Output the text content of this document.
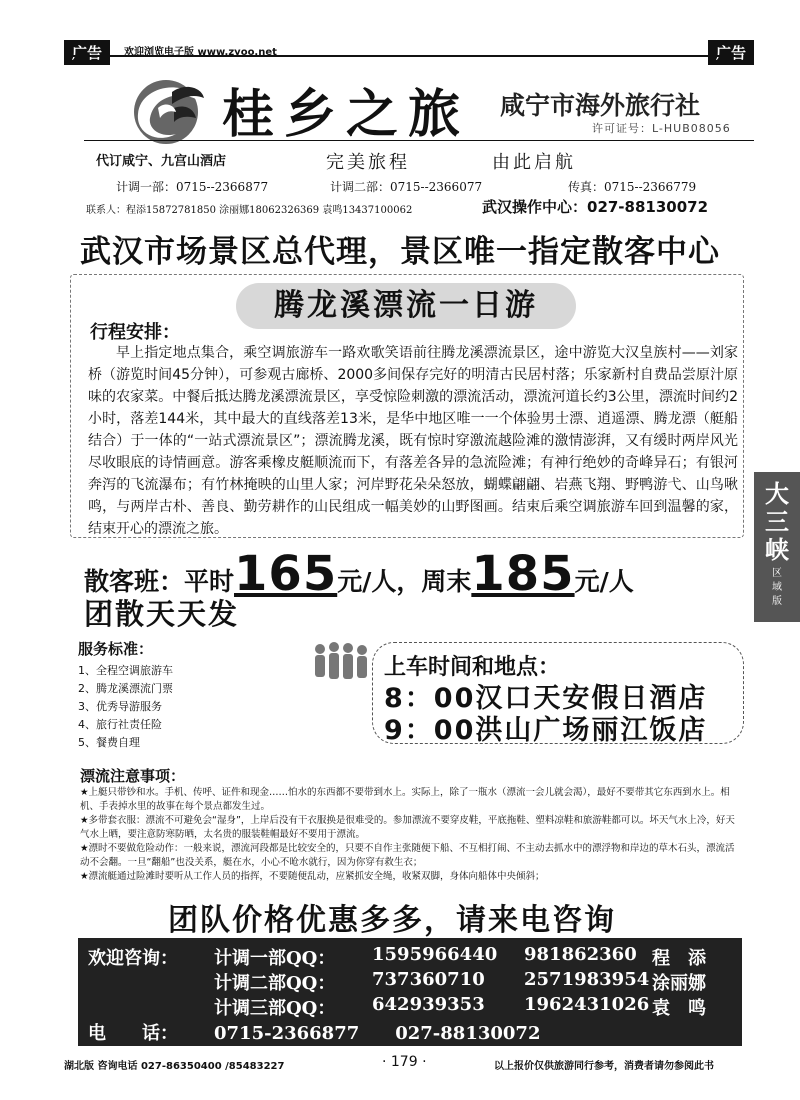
广告	欢迎浏览电子版 www.zyoo.net	广告
桂乡之旅 咸宁市海外旅行社
许可证号：L-HUB08056
代订咸宁、九宫山酒店	完美旅程	由此启航
计调一部：0715--2366877	计调二部：0715--2366077	传真：0715--2366779
联系人：程添15872781850 涂丽娜18062326369 袁鸣13437100062	武汉操作中心：027-88130072
武汉市场景区总代理，景区唯一指定散客中心
腾龙溪漂流一日游
行程安排：
早上指定地点集合，乘空调旅游车一路欢歌笑语前往腾龙溪漂流景区，途中游览大汉皇族村——刘家桥（游览时间45分钟），可参观古廊桥、2000多间保存完好的明清古民居村落；乐家新村自费品尝原汁原味的农家菜。中餐后抵达腾龙溪漂流景区，享受惊险刺激的漂流活动，漂流河道长约3公里，漂流时间约2小时，落差144米，其中最大的直线落差13米，是华中地区唯一一个体验男士漂、逍遥漂、腾龙漂（艇船结合）于一体的“一站式漂流景区”；漂流腾龙溪，既有惊时穿激流越险滩的激情澎湃，又有缓时两岸风光尽收眼底的诗情画意。游客乘橡皮艇顺流而下，有落差各异的急流险滩；有神行绝妙的奇峰异石；有银河奔泻的飞流瀑布；有竹林掩映的山里人家；河岸野花朵朵怒放，蝴蝶翩翩、岩燕飞翔、野鸭游弋、山鸟啾鸣，与两岸古朴、善良、勤劳耕作的山民组成一幅美妙的山野图画。结束后乘空调旅游车回到温馨的家，结束开心的漂流之旅。
大三峡
区域版
散客班：平时165元/人，周末185元/人
团散天天发
服务标准：
1、全程空调旅游车
2、腾龙溪漂流门票
3、优秀导游服务
4、旅行社责任险
5、餐费自理
上车时间和地点：
8：00汉口天安假日酒店
9：00洪山广场丽江饭店
漂流注意事项：

★上艇只带钞和水。手机、传呼、证件和现金……怕水的东西都不要带到水上。实际上，除了一瓶水（漂流一会儿就会渴），最好不要带其它东西到水上。相机、手表掉水里的故事在每个景点都发生过。

★多带套衣服：漂流不可避免会“湿身”，上岸后没有干衣服换是很难受的。参加漂流不要穿皮鞋，平底拖鞋、塑料凉鞋和旅游鞋都可以。坏天气水上冷，好天气水上晒，要注意防寒防晒，太名贵的服装鞋帽最好不要用于漂流。

★漂时不要做危险动作：一般来说，漂流河段都是比较安全的，只要不自作主张随便下船、不互相打闹、不主动去抓水中的漂浮物和岸边的草木石头，漂流活动不会翻。一旦“翻船”也没关系，艇在水，小心不呛水就行，因为你穿有救生衣；

★漂流艇通过险滩时要听从工作人员的指挥，不要随便乱动，应紧抓安全绳，收紧双脚，身体向船体中央倾斜；

团队价格优惠多多，请来电咨询
欢迎咨询： 计调一部QQ： 1595966440 981862360 程　添
计调二部QQ： 737360710 2571983954 涂丽娜
计调三部QQ： 642939353 1962431026 袁　鸣
电　　话： 0715-2366877　　027-88130072
湖北版 咨询电话 027-86350400 /85483227	· 179 ·	以上报价仅供旅游同行参考，消费者请勿参阅此书
